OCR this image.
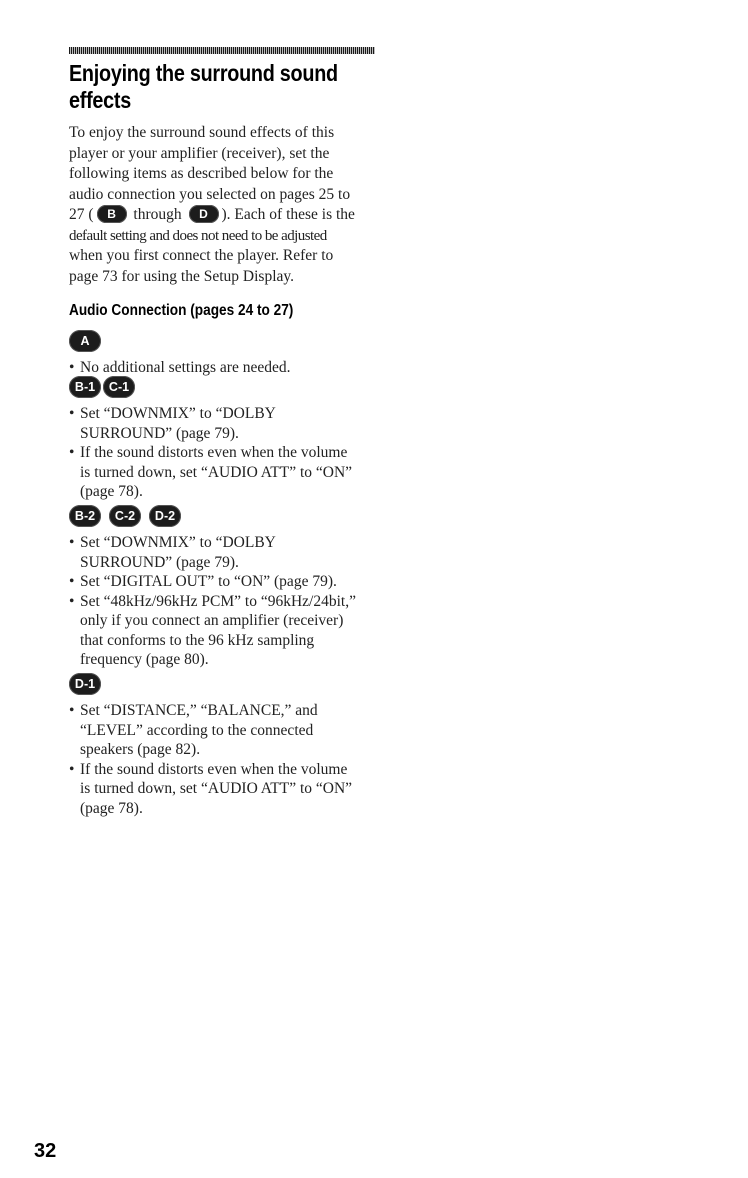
Enjoying the surround sound
effects

To enjoy the surround sound effects of this
player or your amplifier (receiver), set the
following items as described below for the
audio connection you selected on pages 25 to
27 ( B through D ). Each of these is the
default setting and does not need to be adjusted
when you first connect the player. Refer to
page 73 for using the Setup Display.

Audio Connection (pages 24 to 27)
A
• No additional settings are needed.
B-1	C-1
• Set “DOWNMIX” to “DOLBY
SURROUND” (page 79).
• If the sound distorts even when the volume
is turned down, set “AUDIO ATT” to “ON”
(page 78).
B-2	C-2	D-2
• Set “DOWNMIX” to “DOLBY
SURROUND” (page 79).
• Set “DIGITAL OUT” to “ON” (page 79).
• Set “48kHz/96kHz PCM” to “96kHz/24bit,”
only if you connect an amplifier (receiver)
that conforms to the 96 kHz sampling
frequency (page 80).
D-1
• Set “DISTANCE,” “BALANCE,” and
“LEVEL” according to the connected
speakers (page 82).
• If the sound distorts even when the volume
is turned down, set “AUDIO ATT” to “ON”
(page 78).

32
